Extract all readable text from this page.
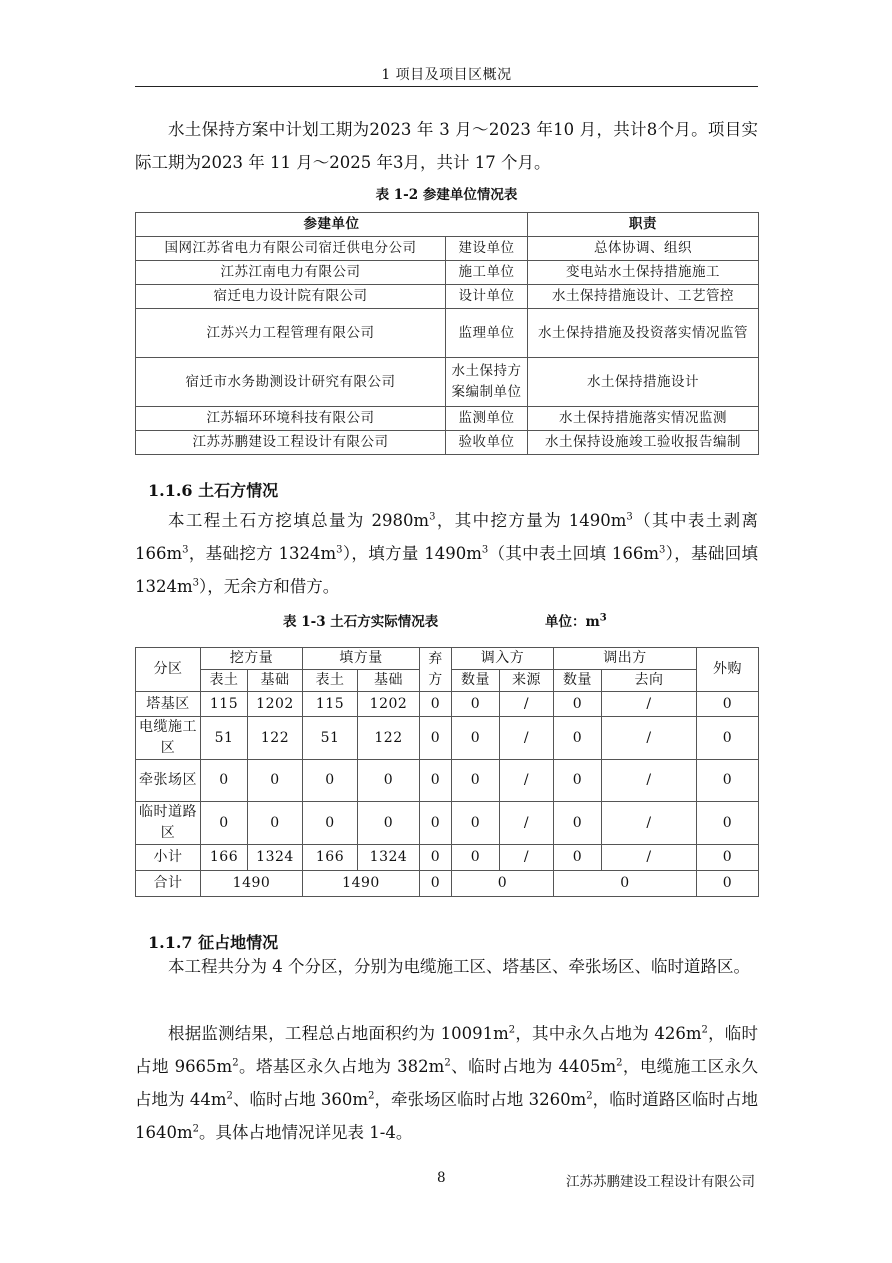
1 项目及项目区概况

水土保持方案中计划工期为2023 年 3 月～2023 年10 月，共计8个月。项目实际工期为2023 年 11 月～2025 年3月，共计 17 个月。

表 1-2 参建单位情况表
参建单位		职责
国网江苏省电力有限公司宿迁供电分公司	建设单位	总体协调、组织
江苏江南电力有限公司	施工单位	变电站水土保持措施施工
宿迁电力设计院有限公司	设计单位	水土保持措施设计、工艺管控
江苏兴力工程管理有限公司	监理单位	水土保持措施及投资落实情况监管
宿迁市水务勘测设计研究有限公司	水土保持方案编制单位	水土保持措施设计
江苏辐环环境科技有限公司	监测单位	水土保持措施落实情况监测
江苏苏鹏建设工程设计有限公司	验收单位	水土保持设施竣工验收报告编制
1.1.6 土石方情况

本工程土石方挖填总量为 $2980m^3$，其中挖方量为 $1490m^3$（其中表土剥离$166m^3$，基础挖方 $1324m^3$），填方量 $1490m^3$（其中表土回填 $166m^3$），基础回填 $1324m^3$），无余方和借方。

表 1-3 土石方实际情况表	单位：$m^3$
分区	挖方量		填方量		弃方	调入方		调出方		外购
	表土	基础	表土	基础		数量	来源	数量	去向	
塔基区	115	1202	115	1202	0	0	/	0	/	0
电缆施工区	51	122	51	122	0	0	/	0	/	0
牵张场区	0	0	0	0	0	0	/	0	/	0
临时道路区	0	0	0	0	0	0	/	0	/	0
小计	166	1324	166	1324	0	0	/	0	/	0
合计	1490		1490		0	0		0		0
1.1.7 征占地情况

本工程共分为 4 个分区，分别为电缆施工区、塔基区、牵张场区、临时道路区。

根据监测结果，工程总占地面积约为 $10091m^2$，其中永久占地为 $426m^2$，临时占地 $9665m^2$。塔基区永久占地为 $382m^2$、临时占地为 $4405m^2$，电缆施工区永久占地为 $44m^2$、临时占地 $360m^2$，牵张场区临时占地 $3260m^2$，临时道路区临时占地 $1640m^2$。具体占地情况详见表 1-4。

8	江苏苏鹏建设工程设计有限公司
